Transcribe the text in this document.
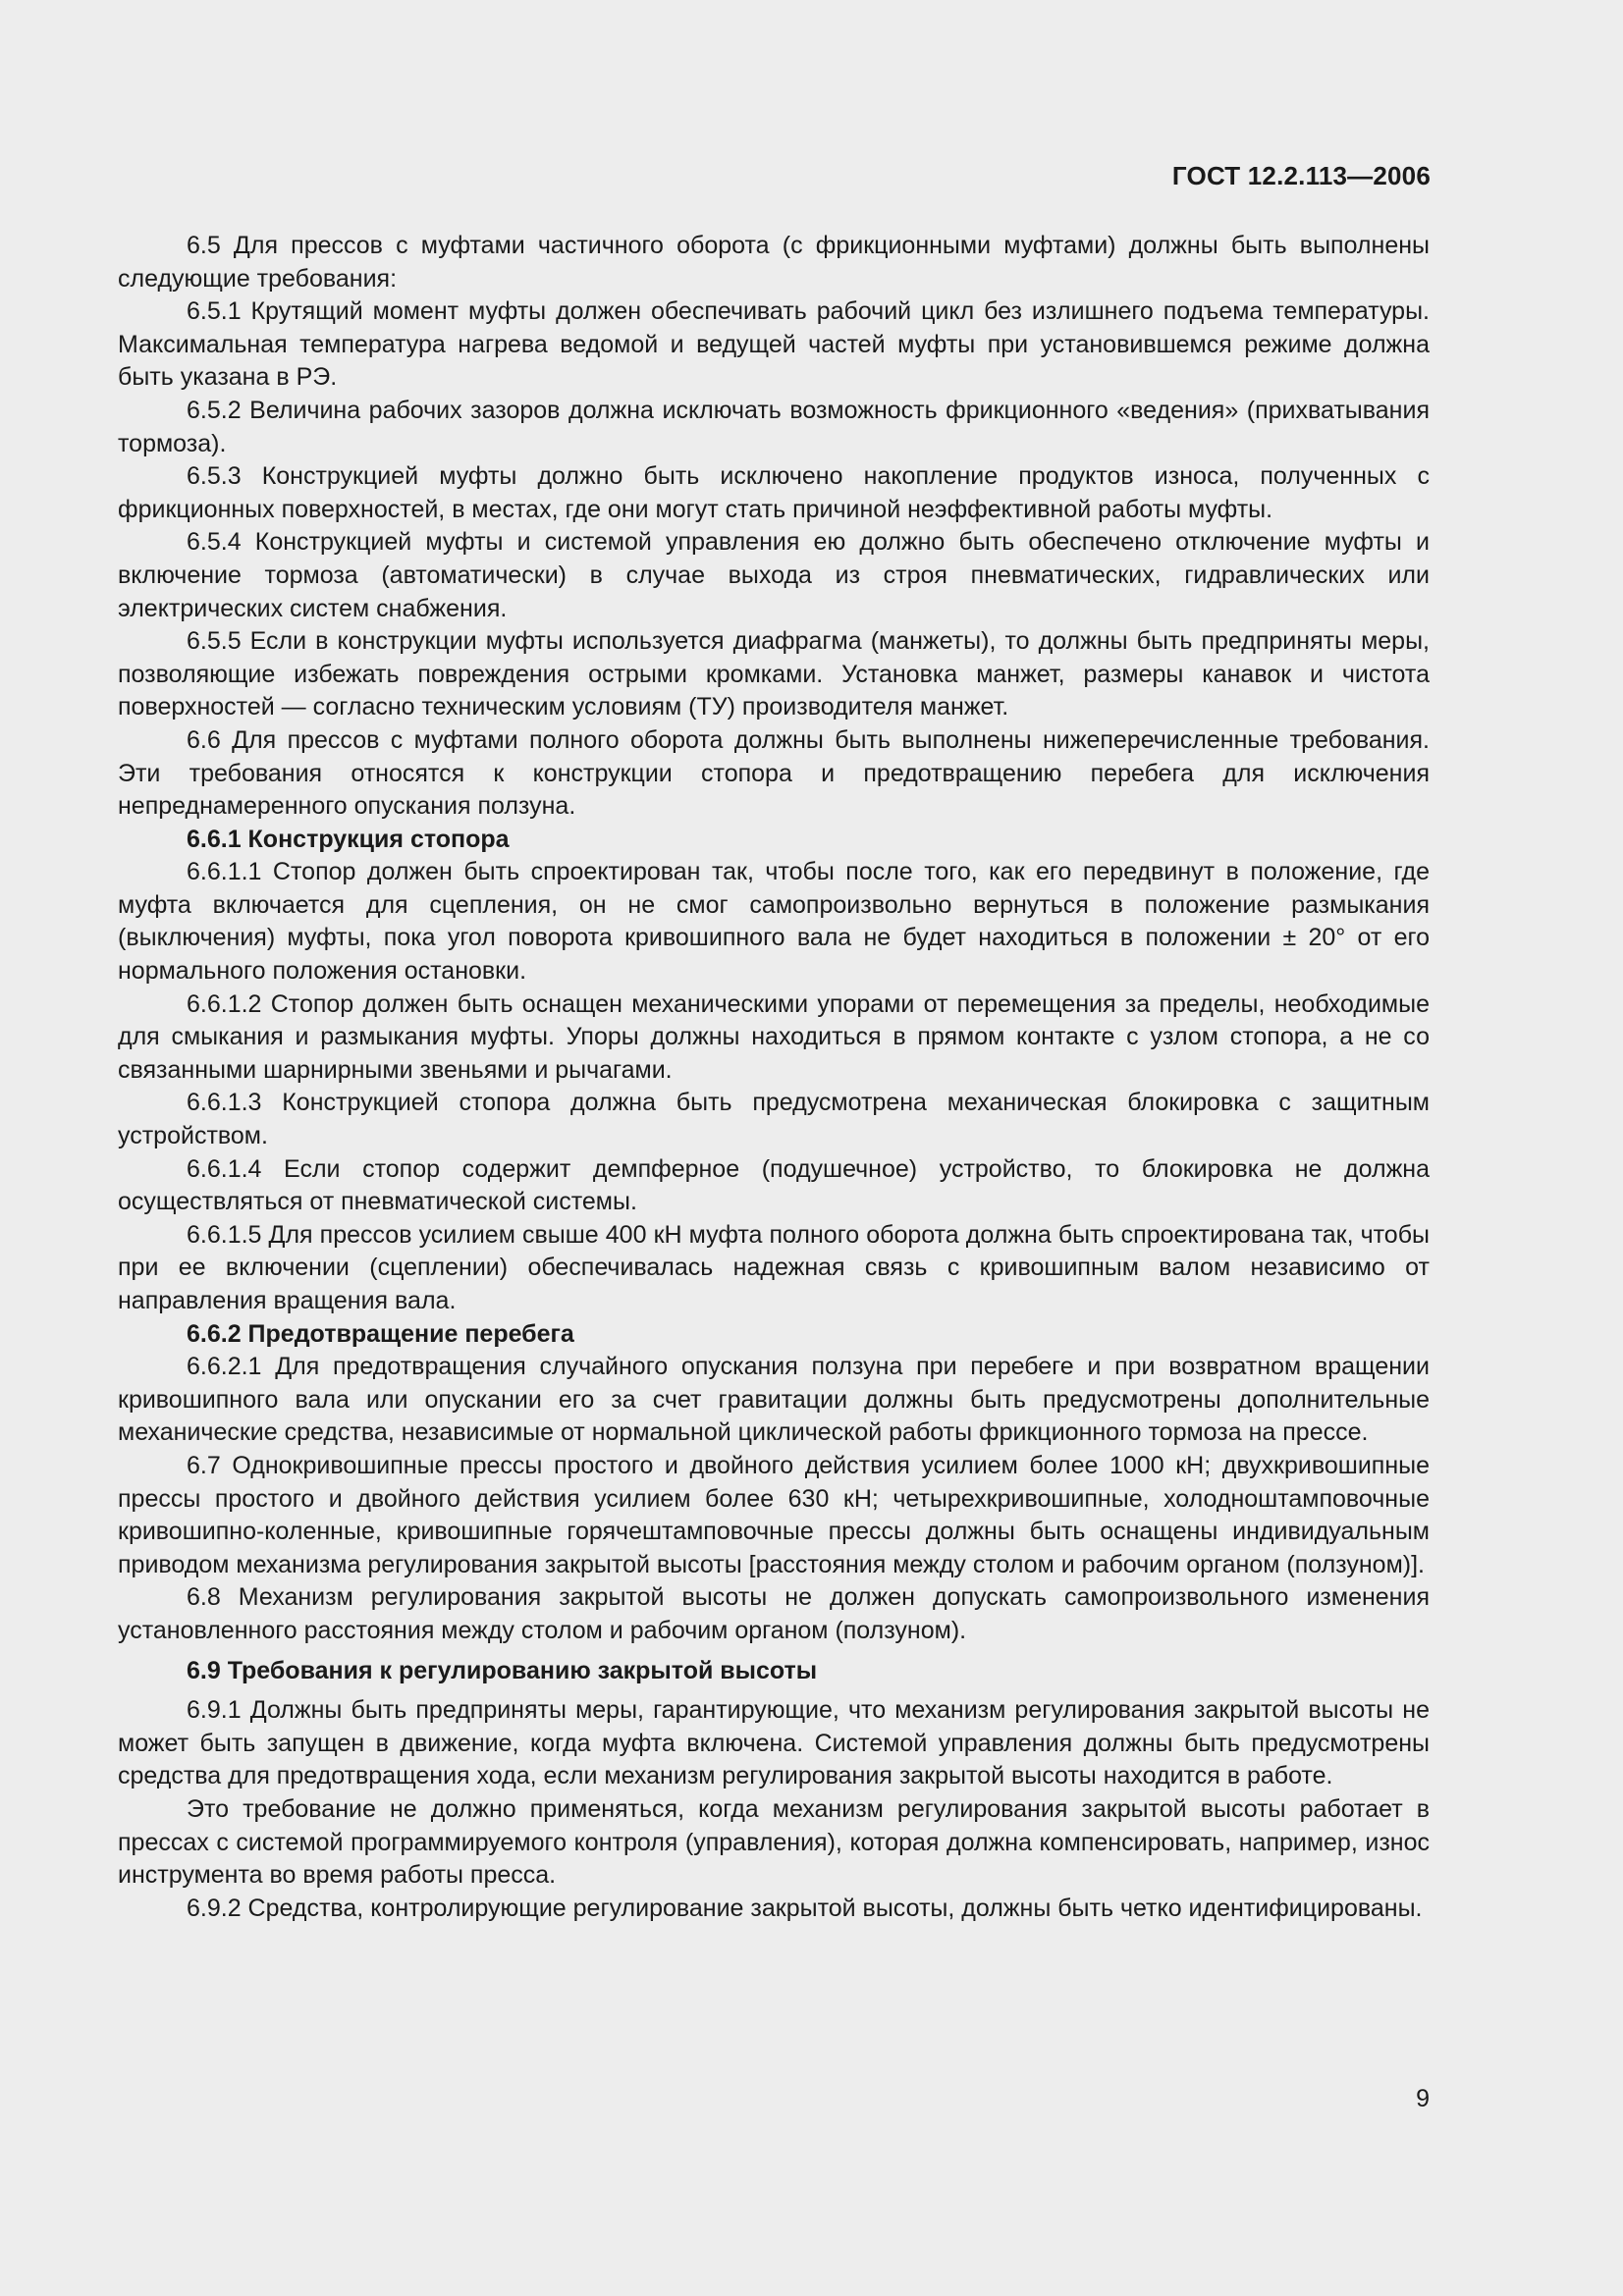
ГОСТ 12.2.113—2006

6.5 Для прессов с муфтами частичного оборота (с фрикционными муфтами) должны быть выполнены следующие требования:

6.5.1 Крутящий момент муфты должен обеспечивать рабочий цикл без излишнего подъема температуры. Максимальная температура нагрева ведомой и ведущей частей муфты при установившемся режиме должна быть указана в РЭ.

6.5.2 Величина рабочих зазоров должна исключать возможность фрикционного «ведения» (прихватывания тормоза).

6.5.3 Конструкцией муфты должно быть исключено накопление продуктов износа, полученных с фрикционных поверхностей, в местах, где они могут стать причиной неэффективной работы муфты.

6.5.4 Конструкцией муфты и системой управления ею должно быть обеспечено отключение муфты и включение тормоза (автоматически) в случае выхода из строя пневматических, гидравлических или электрических систем снабжения.

6.5.5 Если в конструкции муфты используется диафрагма (манжеты), то должны быть предприняты меры, позволяющие избежать повреждения острыми кромками. Установка манжет, размеры канавок и чистота поверхностей — согласно техническим условиям (ТУ) производителя манжет.

6.6 Для прессов с муфтами полного оборота должны быть выполнены нижеперечисленные требования. Эти требования относятся к конструкции стопора и предотвращению перебега для исключения непреднамеренного опускания ползуна.

6.6.1 Конструкция стопора

6.6.1.1 Стопор должен быть спроектирован так, чтобы после того, как его передвинут в положение, где муфта включается для сцепления, он не смог самопроизвольно вернуться в положение размыкания (выключения) муфты, пока угол поворота кривошипного вала не будет находиться в положении ± 20° от его нормального положения остановки.

6.6.1.2 Стопор должен быть оснащен механическими упорами от перемещения за пределы, необходимые для смыкания и размыкания муфты. Упоры должны находиться в прямом контакте с узлом стопора, а не со связанными шарнирными звеньями и рычагами.

6.6.1.3 Конструкцией стопора должна быть предусмотрена механическая блокировка с защитным устройством.

6.6.1.4 Если стопор содержит демпферное (подушечное) устройство, то блокировка не должна осуществляться от пневматической системы.

6.6.1.5 Для прессов усилием свыше 400 кН муфта полного оборота должна быть спроектирована так, чтобы при ее включении (сцеплении) обеспечивалась надежная связь с кривошипным валом независимо от направления вращения вала.

6.6.2 Предотвращение перебега

6.6.2.1 Для предотвращения случайного опускания ползуна при перебеге и при возвратном вращении кривошипного вала или опускании его за счет гравитации должны быть предусмотрены дополнительные механические средства, независимые от нормальной циклической работы фрикционного тормоза на прессе.

6.7 Однокривошипные прессы простого и двойного действия усилием более 1000 кН; двухкривошипные прессы простого и двойного действия усилием более 630 кН; четырехкривошипные, холодноштамповочные кривошипно-коленные, кривошипные горячештамповочные прессы должны быть оснащены индивидуальным приводом механизма регулирования закрытой высоты [расстояния между столом и рабочим органом (ползуном)].

6.8 Механизм регулирования закрытой высоты не должен допускать самопроизвольного изменения установленного расстояния между столом и рабочим органом (ползуном).

6.9 Требования к регулированию закрытой высоты

6.9.1 Должны быть предприняты меры, гарантирующие, что механизм регулирования закрытой высоты не может быть запущен в движение, когда муфта включена. Системой управления должны быть предусмотрены средства для предотвращения хода, если механизм регулирования закрытой высоты находится в работе.

Это требование не должно применяться, когда механизм регулирования закрытой высоты работает в прессах с системой программируемого контроля (управления), которая должна компенсировать, например, износ инструмента во время работы пресса.

6.9.2 Средства, контролирующие регулирование закрытой высоты, должны быть четко идентифицированы.

9
